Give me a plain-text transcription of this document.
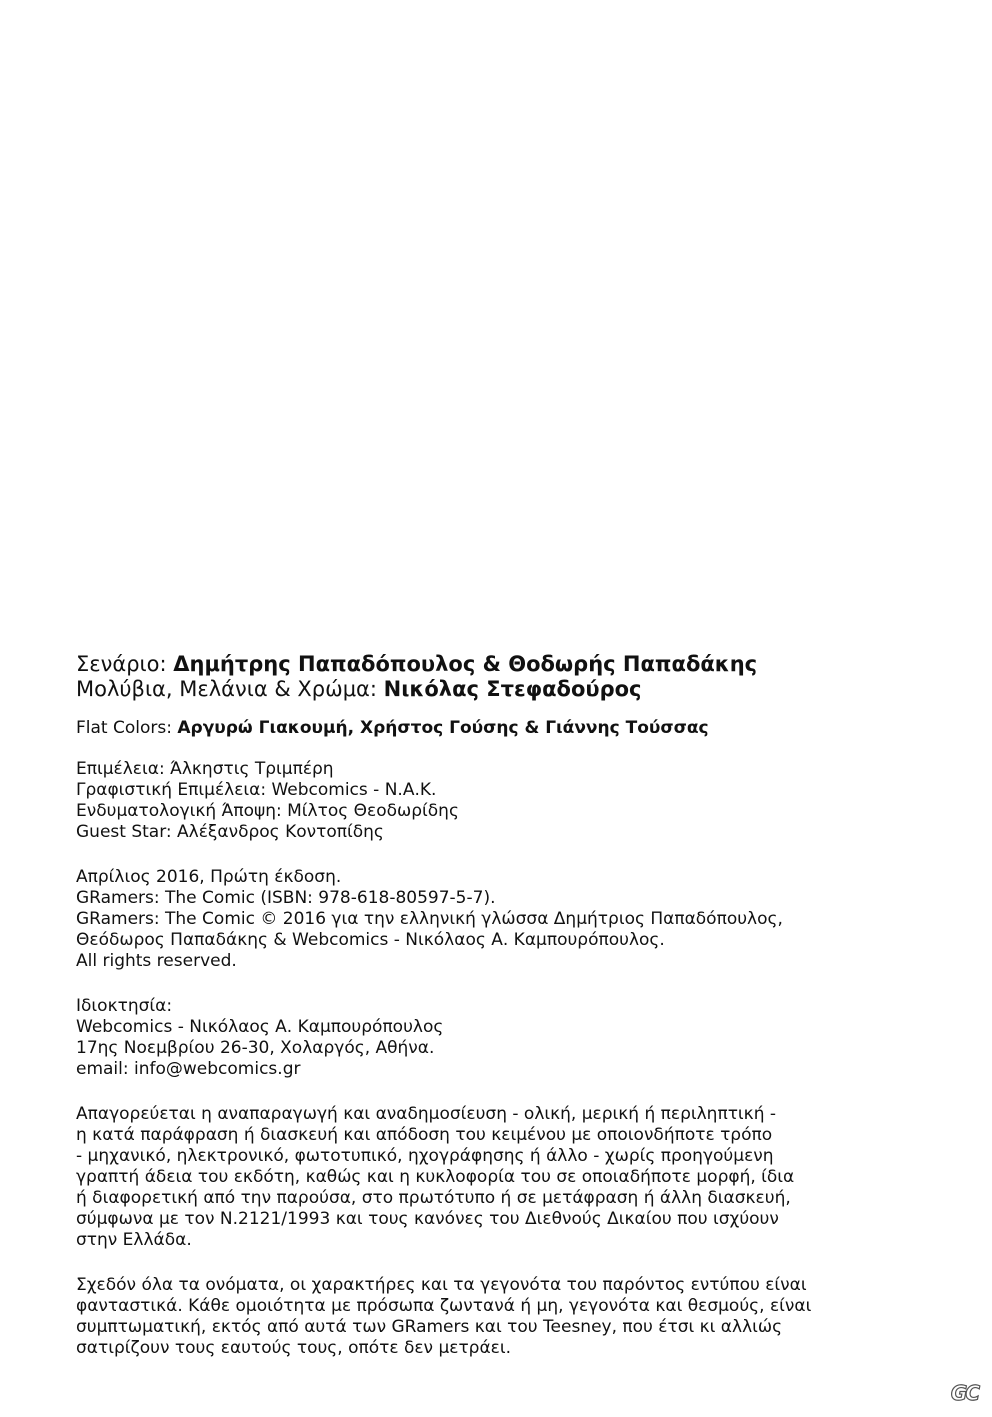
Σενάριο: Δημήτρης Παπαδόπουλος & Θοδωρής Παπαδάκης
Μολύβια, Μελάνια & Χρώμα: Νικόλας Στεφαδούρος
Flat Colors: Αργυρώ Γιακουμή, Χρήστος Γούσης & Γιάννης Τούσσας
Επιμέλεια: Άλκηστις Τριμπέρη
Γραφιστική Επιμέλεια: Webcomics - Ν.Α.Κ.
Ενδυματολογική Άποψη: Μίλτος Θεοδωρίδης
Guest Star: Αλέξανδρος Κοντοπίδης
Απρίλιος 2016, Πρώτη έκδοση.
GRamers: The Comic (ISBN: 978-618-80597-5-7).
GRamers: The Comic © 2016 για την ελληνική γλώσσα Δημήτριος Παπαδόπουλος,
Θεόδωρος Παπαδάκης & Webcomics - Νικόλαος Α. Καμπουρόπουλος.
All rights reserved.
Ιδιοκτησία:
Webcomics - Νικόλαος Α. Καμπουρόπουλος
17ης Νοεμβρίου 26-30, Χολαργός, Αθήνα.
email: info@webcomics.gr
Απαγορεύεται η αναπαραγωγή και αναδημοσίευση - ολική, μερική ή περιληπτική -
η κατά παράφραση ή διασκευή και απόδοση του κειμένου με οποιονδήποτε τρόπο
- μηχανικό, ηλεκτρονικό, φωτοτυπικό, ηχογράφησης ή άλλο - χωρίς προηγούμενη
γραπτή άδεια του εκδότη, καθώς και η κυκλοφορία του σε οποιαδήποτε μορφή, ίδια
ή διαφορετική από την παρούσα, στο πρωτότυπο ή σε μετάφραση ή άλλη διασκευή,
σύμφωνα με τον Ν.2121/1993 και τους κανόνες του Διεθνούς Δικαίου που ισχύουν
στην Ελλάδα.
Σχεδόν όλα τα ονόματα, οι χαρακτήρες και τα γεγονότα του παρόντος εντύπου είναι
φανταστικά. Κάθε ομοιότητα με πρόσωπα ζωντανά ή μη, γεγονότα και θεσμούς, είναι
συμπτωματική, εκτός από αυτά των GRamers και του Teesney, που έτσι κι αλλιώς
σατιρίζουν τους εαυτούς τους, οπότε δεν μετράει.
GC
